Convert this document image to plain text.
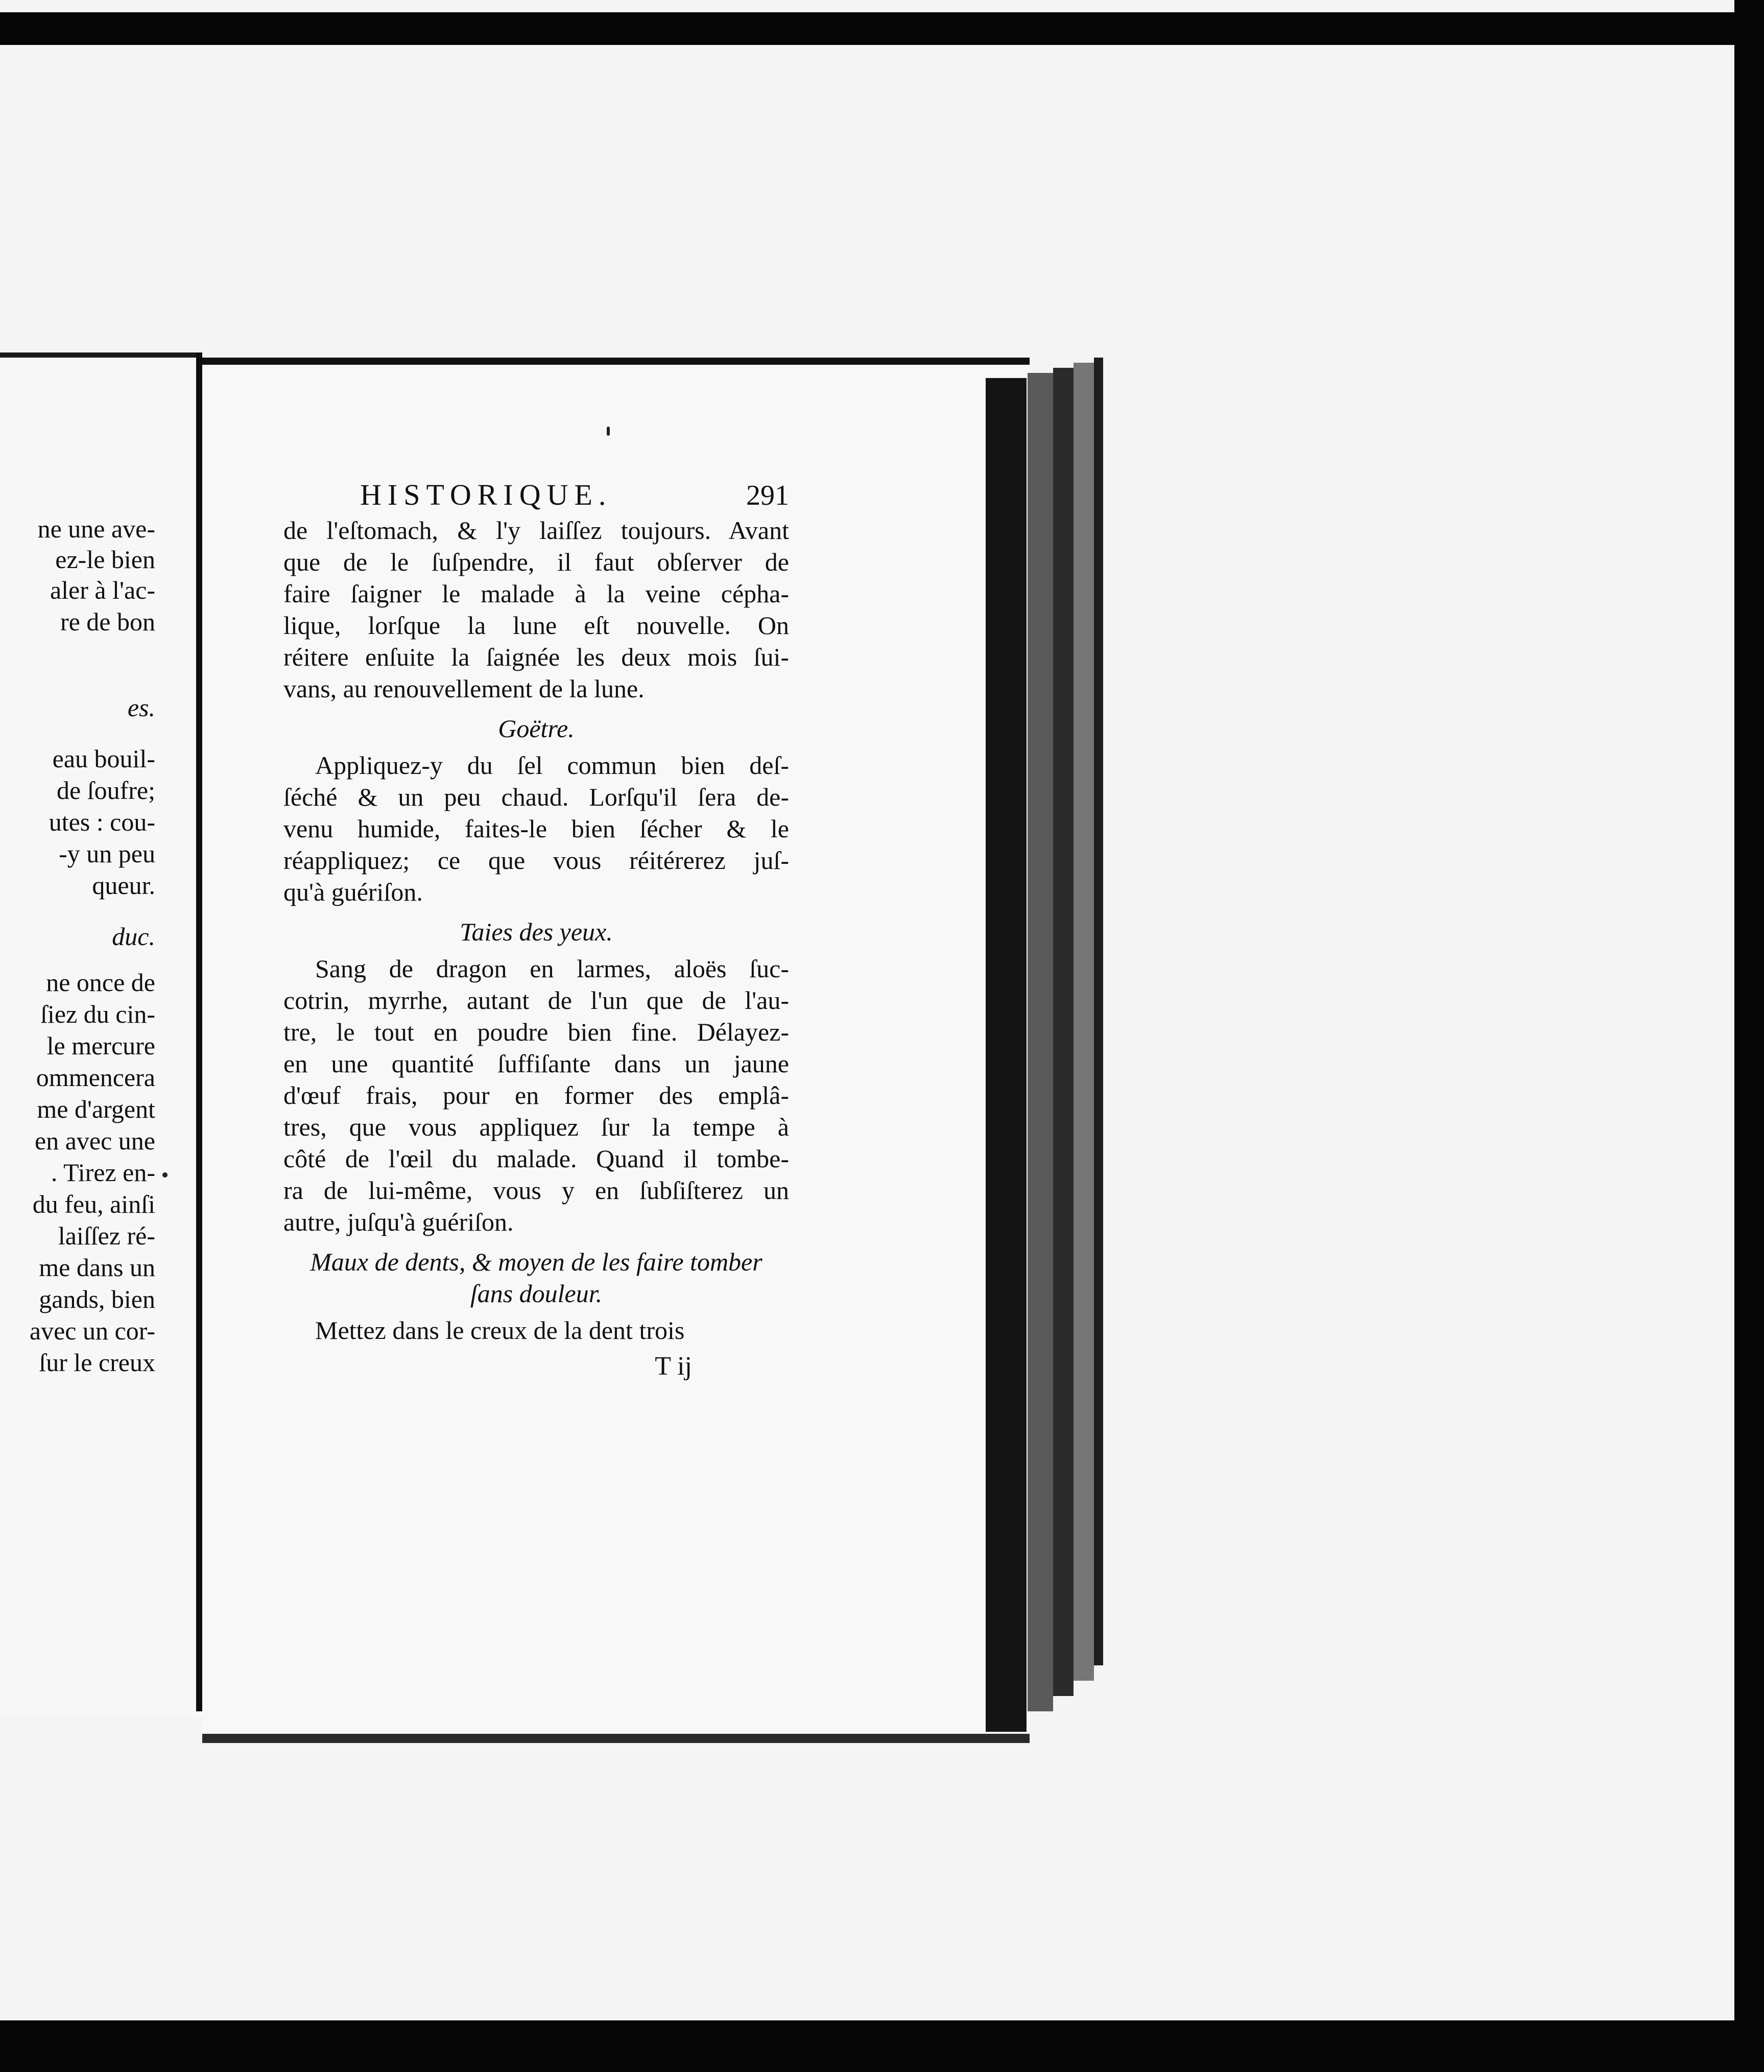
ne une ave-
ez-le bien
aler à l'ac-
re de bon
es.
eau bouil-
de ſoufre;
utes : cou-
-y un peu
queur.
duc.
ne once de
ſiez du cin-
le mercure
ommencera
me d'argent
en avec une
. Tirez en-
du feu, ainſi
laiſſez ré-
me dans un
gands, bien
avec un cor-
ſur le creux
HISTORIQUE.	291

de l'eſtomach, & l'y laiſſez toujours. Avant
que de le ſuſpendre, il faut obſerver de
faire ſaigner le malade à la veine cépha-
lique, lorſque la lune eſt nouvelle. On
réitere enſuite la ſaignée les deux mois ſui-
vans, au renouvellement de la lune.

Goëtre.

Appliquez-y du ſel commun bien deſ-
ſéché & un peu chaud. Lorſqu'il ſera de-
venu humide, faites-le bien ſécher & le
réappliquez; ce que vous réitérerez juſ-
qu'à guériſon.

Taies des yeux.

Sang de dragon en larmes, aloës ſuc-
cotrin, myrrhe, autant de l'un que de l'au-
tre, le tout en poudre bien fine. Délayez-
en une quantité ſuffiſante dans un jaune
d'œuf frais, pour en former des emplâ-
tres, que vous appliquez ſur la tempe à
côté de l'œil du malade. Quand il tombe-
ra de lui-même, vous y en ſubſiſterez un
autre, juſqu'à guériſon.

Maux de dents, & moyen de les faire tomber
ſans douleur.

Mettez dans le creux de la dent trois

T ij
